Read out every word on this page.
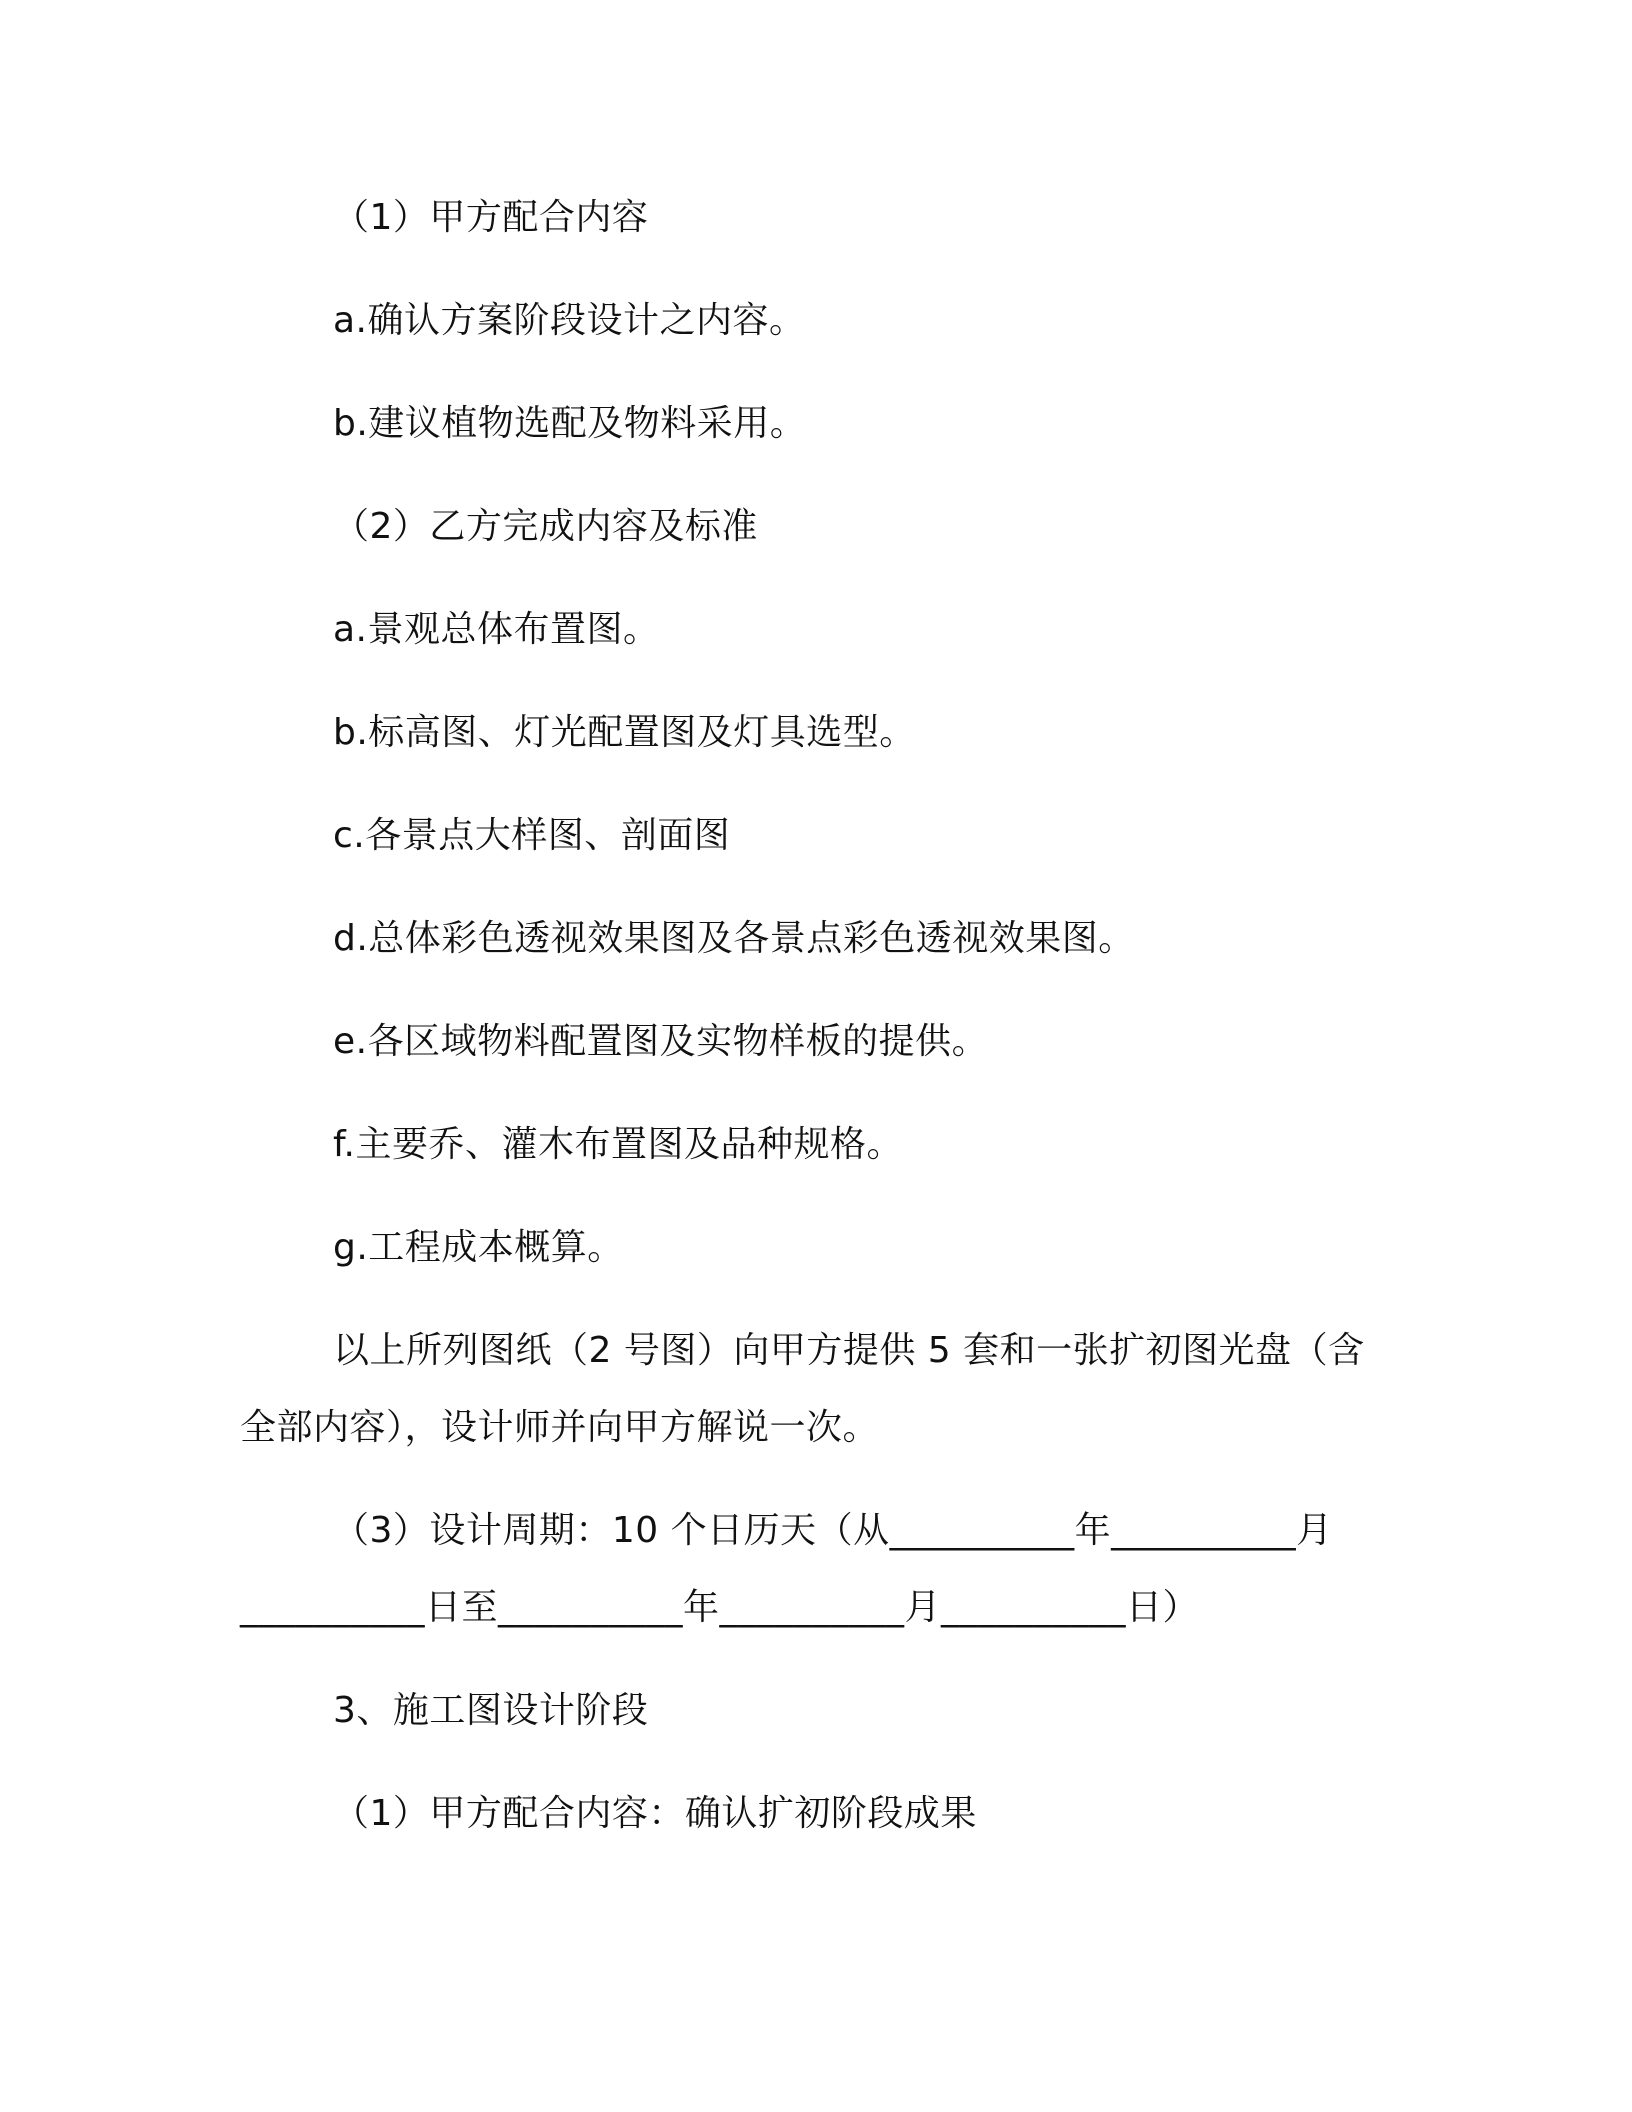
（1）甲方配合内容
a.确认方案阶段设计之内容。
b.建议植物选配及物料采用。
（2）乙方完成内容及标准
a.景观总体布置图。
b.标高图、灯光配置图及灯具选型。
c.各景点大样图、剖面图
d.总体彩色透视效果图及各景点彩色透视效果图。
e.各区域物料配置图及实物样板的提供。
f.主要乔、灌木布置图及品种规格。
g.工程成本概算。
以上所列图纸（2 号图）向甲方提供 5 套和一张扩初图光盘（含
全部内容），设计师并向甲方解说一次。
（3）设计周期：10 个日历天（从__________年__________月
__________日至__________年__________月__________日）
3、施工图设计阶段
（1）甲方配合内容：确认扩初阶段成果
